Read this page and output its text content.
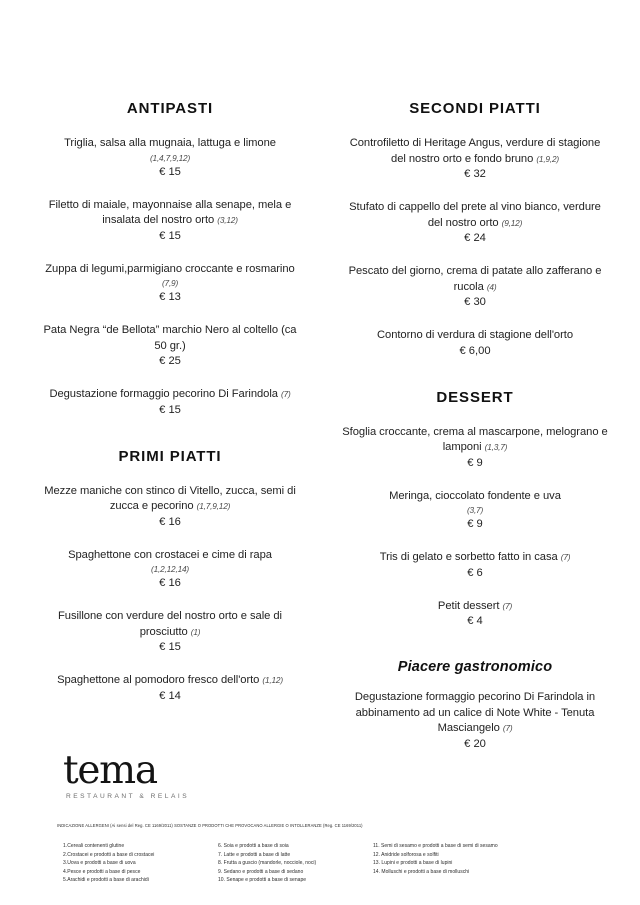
ANTIPASTI
Triglia, salsa alla mugnaia, lattuga e limone
(1,4,7,9,12)
€ 15
Filetto di maiale, mayonnaise alla senape, mela e insalata del nostro orto (3,12)
€ 15
Zuppa di legumi,parmigiano croccante e rosmarino
(7,9)
€ 13
Pata Negra “de Bellota” marchio Nero al coltello (ca 50 gr.)
€ 25
Degustazione formaggio pecorino Di Farindola (7)
€ 15
PRIMI PIATTI
Mezze maniche con stinco di Vitello, zucca, semi di zucca e pecorino (1,7,9,12)
€ 16
Spaghettone con crostacei e cime di rapa
(1,2,12,14)
€ 16
Fusillone con verdure del nostro orto e sale di prosciutto (1)
€ 15
Spaghettone al pomodoro fresco dell'orto (1,12)
€ 14
SECONDI PIATTI
Controfiletto di Heritage Angus, verdure di stagione del nostro orto e fondo bruno (1,9,2)
€ 32
Stufato di cappello del prete al vino bianco, verdure del nostro orto (9,12)
€ 24
Pescato del giorno, crema di patate allo zafferano e rucola (4)
€ 30
Contorno di verdura di stagione dell'orto
€ 6,00
DESSERT
Sfoglia croccante, crema al mascarpone, melograno e lamponi (1,3,7)
€ 9
Meringa, cioccolato fondente e uva
(3,7)
€ 9
Tris di gelato e sorbetto fatto in casa (7)
€ 6
Petit dessert (7)
€ 4
Piacere gastronomico
Degustazione formaggio pecorino Di Farindola in abbinamento ad un calice di Note White - Tenuta Masciangelo (7)
€ 20
tema
RESTAURANT & RELAIS
INDICAZIONE ALLERGENI (Ai sensi del Reg. CE 1169/2011) SOSTANZE O PRODOTTI CHE PROVOCANO ALLERGIE O INTOLLERANZE (Reg. CE 1169/2011)
1.Cereali contenenti glutine
2.Crostacei e prodotti a base di crostacei
3.Uova e prodotti a base di uova
4.Pesce e prodotti a base di pesce
5.Arachidi e prodotti a base di arachidi
6. Soia e prodotti a base di soia
7. Latte e prodotti a base di latte
8. Frutta a guscio (mandorle, nocciole, noci)
9. Sedano e prodotti a base di sedano
10. Senape e prodotti a base di senape
11. Semi di sesamo e prodotti a base di semi di sesamo
12. Anidride solforosa e solfiti
13. Lupini e prodotti a base di lupini
14. Molluschi e prodotti a base di molluschi
